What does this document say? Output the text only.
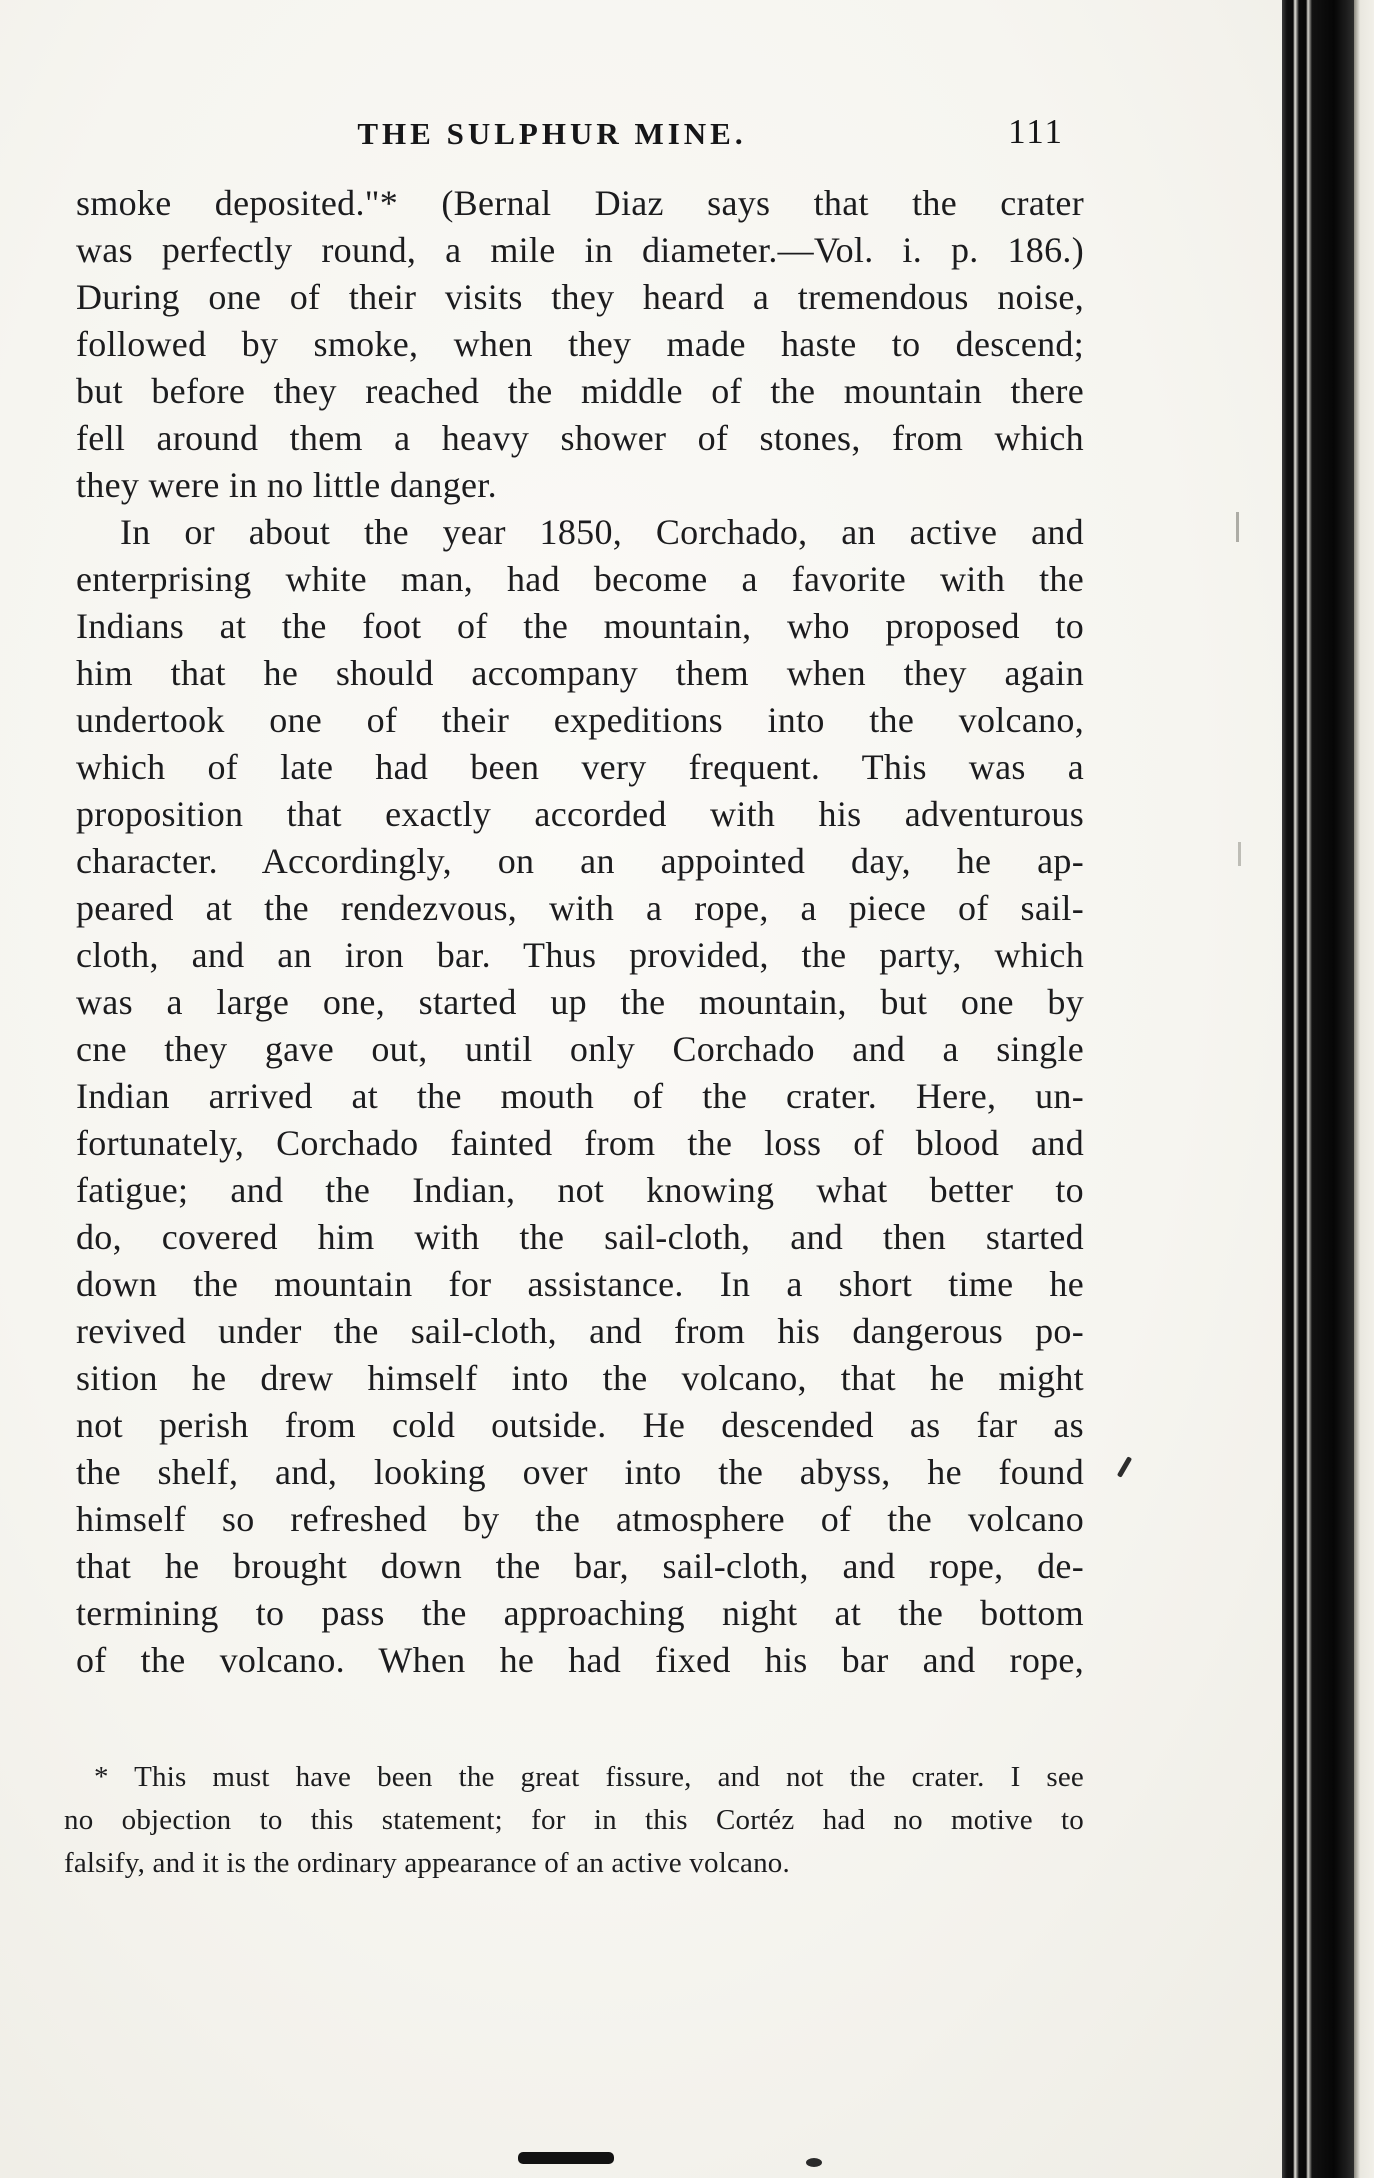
THE SULPHUR MINE.	111
smoke deposited."* (Bernal Diaz says that the crater
was perfectly round, a mile in diameter.—Vol. i. p. 186.)
During one of their visits they heard a tremendous noise,
followed by smoke, when they made haste to descend;
but before they reached the middle of the mountain there
fell around them a heavy shower of stones, from which
they were in no little danger.
In or about the year 1850, Corchado, an active and
enterprising white man, had become a favorite with the
Indians at the foot of the mountain, who proposed to
him that he should accompany them when they again
undertook one of their expeditions into the volcano,
which of late had been very frequent. This was a
proposition that exactly accorded with his adventurous
character. Accordingly, on an appointed day, he ap-
peared at the rendezvous, with a rope, a piece of sail-
cloth, and an iron bar. Thus provided, the party, which
was a large one, started up the mountain, but one by
cne they gave out, until only Corchado and a single
Indian arrived at the mouth of the crater. Here, un-
fortunately, Corchado fainted from the loss of blood and
fatigue; and the Indian, not knowing what better to
do, covered him with the sail-cloth, and then started
down the mountain for assistance. In a short time he
revived under the sail-cloth, and from his dangerous po-
sition he drew himself into the volcano, that he might
not perish from cold outside. He descended as far as
the shelf, and, looking over into the abyss, he found
himself so refreshed by the atmosphere of the volcano
that he brought down the bar, sail-cloth, and rope, de-
termining to pass the approaching night at the bottom
of the volcano. When he had fixed his bar and rope,
* This must have been the great fissure, and not the crater. I see
no objection to this statement; for in this Cortéz had no motive to
falsify, and it is the ordinary appearance of an active volcano.
